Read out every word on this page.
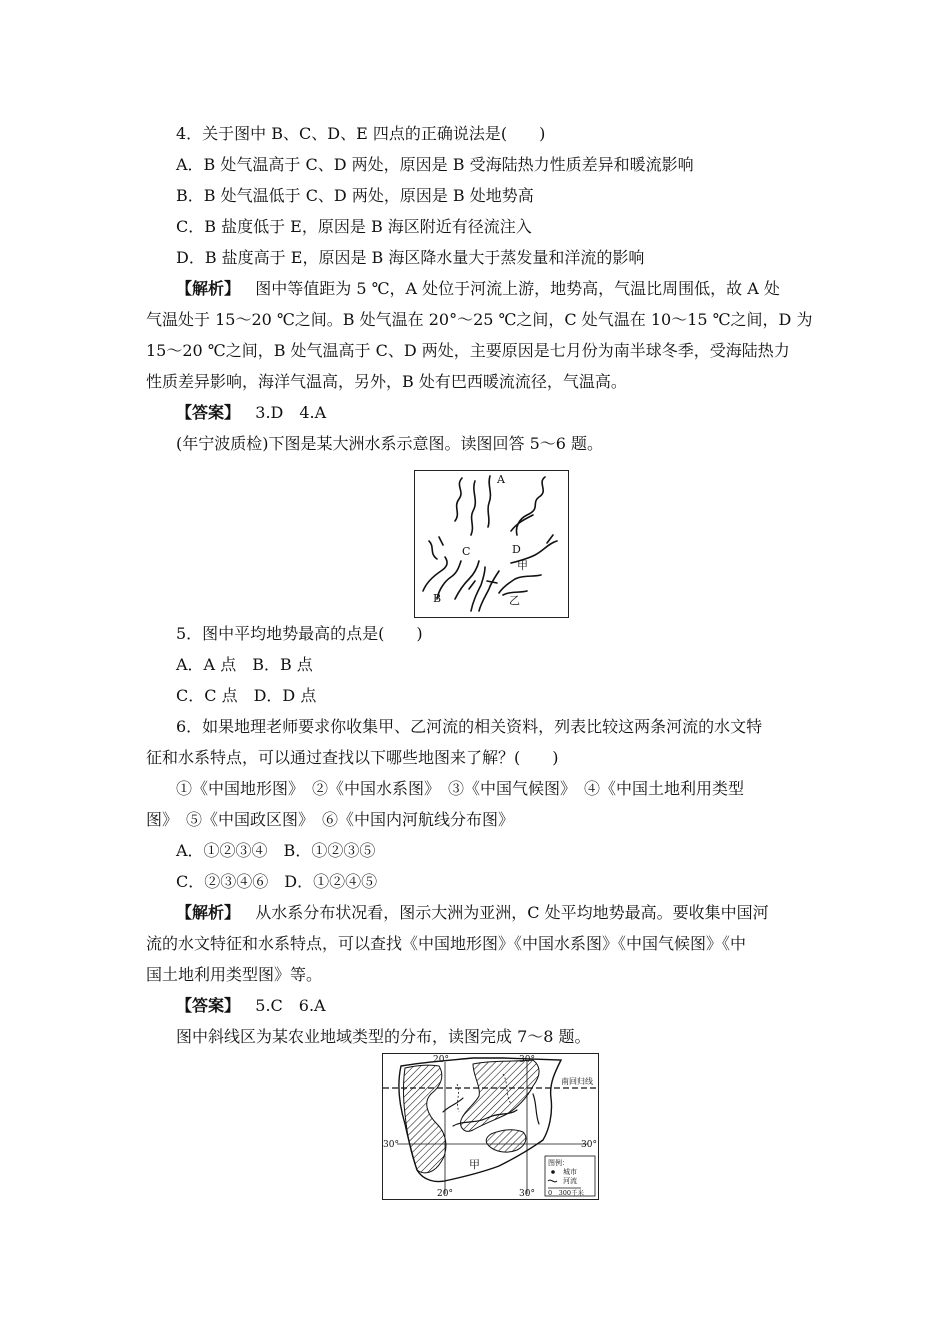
4．关于图中 B、C、D、E 四点的正确说法是(　　)
A．B 处气温高于 C、D 两处，原因是 B 受海陆热力性质差异和暖流影响
B．B 处气温低于 C、D 两处，原因是 B 处地势高
C．B 盐度低于 E，原因是 B 海区附近有径流注入
D．B 盐度高于 E，原因是 B 海区降水量大于蒸发量和洋流的影响
【解析】 图中等值距为 5 ℃，A 处位于河流上游，地势高，气温比周围低，故 A 处
气温处于 15～20 ℃之间。B 处气温在 20°～25 ℃之间，C 处气温在 10～15 ℃之间，D 为
15～20 ℃之间，B 处气温高于 C、D 两处，主要原因是七月份为南半球冬季，受海陆热力
性质差异影响，海洋气温高，另外，B 处有巴西暖流流径，气温高。
【答案】 3.D　4.A
(年宁波质检)下图是某大洲水系示意图。读图回答 5～6 题。
A
C	D
甲
B	乙
5．图中平均地势最高的点是(　　)
A．A 点　B．B 点
C．C 点　D．D 点
6．如果地理老师要求你收集甲、乙河流的相关资料，列表比较这两条河流的水文特
征和水系特点，可以通过查找以下哪些地图来了解？(　　)
①《中国地形图》　②《中国水系图》　③《中国气候图》　④《中国土地利用类型
图》　⑤《中国政区图》　⑥《中国内河航线分布图》
A．①②③④　B．①②③⑤
C．②③④⑥　D．①②④⑤
【解析】 从水系分布状况看，图示大洲为亚洲，C 处平均地势最高。要收集中国河
流的水文特征和水系特点，可以查找《中国地形图》《中国水系图》《中国气候图》《中
国土地利用类型图》等。
【答案】 5.C　6.A
图中斜线区为某农业地域类型的分布，读图完成 7～8 题。
20°	30°
30°	30°
20°	30°
南回归线
甲	图例：
城市
河流
0　300千米
